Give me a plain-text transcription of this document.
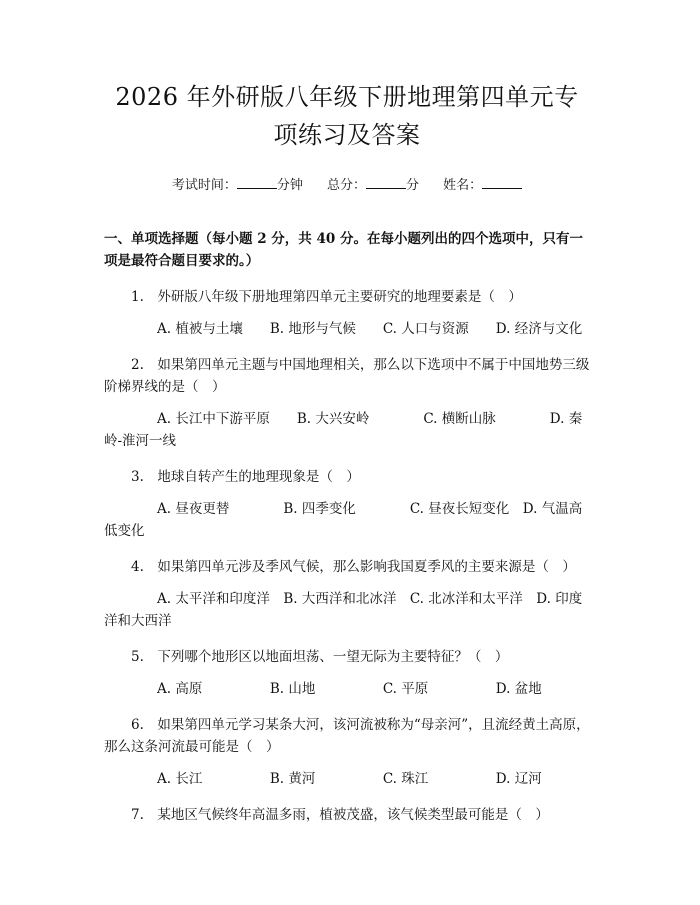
2026 年外研版八年级下册地理第四单元专项练习及答案
考试时间：	分钟 总分：	分 姓名：
一、单项选择题（每小题 2 分，共 40 分。在每小题列出的四个选项中，只有一项是最符合题目要求的。）
1.　外研版八年级下册地理第四单元主要研究的地理要素是（　）
A. 植被与土壤　　B. 地形与气候　　C. 人口与资源　　D. 经济与文化
2.　如果第四单元主题与中国地理相关，那么以下选项中不属于中国地势三级阶梯界线的是（　）
A. 长江中下游平原　　B. 大兴安岭　　　　C. 横断山脉　　　　D. 秦岭-淮河一线
3.　地球自转产生的地理现象是（　）
A. 昼夜更替　　　　B. 四季变化　　　　C. 昼夜长短变化　D. 气温高低变化
4.　如果第四单元涉及季风气候，那么影响我国夏季风的主要来源是（　）
A. 太平洋和印度洋　B. 大西洋和北冰洋　C. 北冰洋和太平洋　D. 印度洋和大西洋
5.　下列哪个地形区以地面坦荡、一望无际为主要特征？（　）
A. 高原　　　　　B. 山地　　　　　C. 平原　　　　　D. 盆地
6.　如果第四单元学习某条大河，该河流被称为“母亲河”，且流经黄土高原，那么这条河流最可能是（　）
A. 长江　　　　　B. 黄河　　　　　C. 珠江　　　　　D. 辽河
7.　某地区气候终年高温多雨，植被茂盛，该气候类型最可能是（　）
